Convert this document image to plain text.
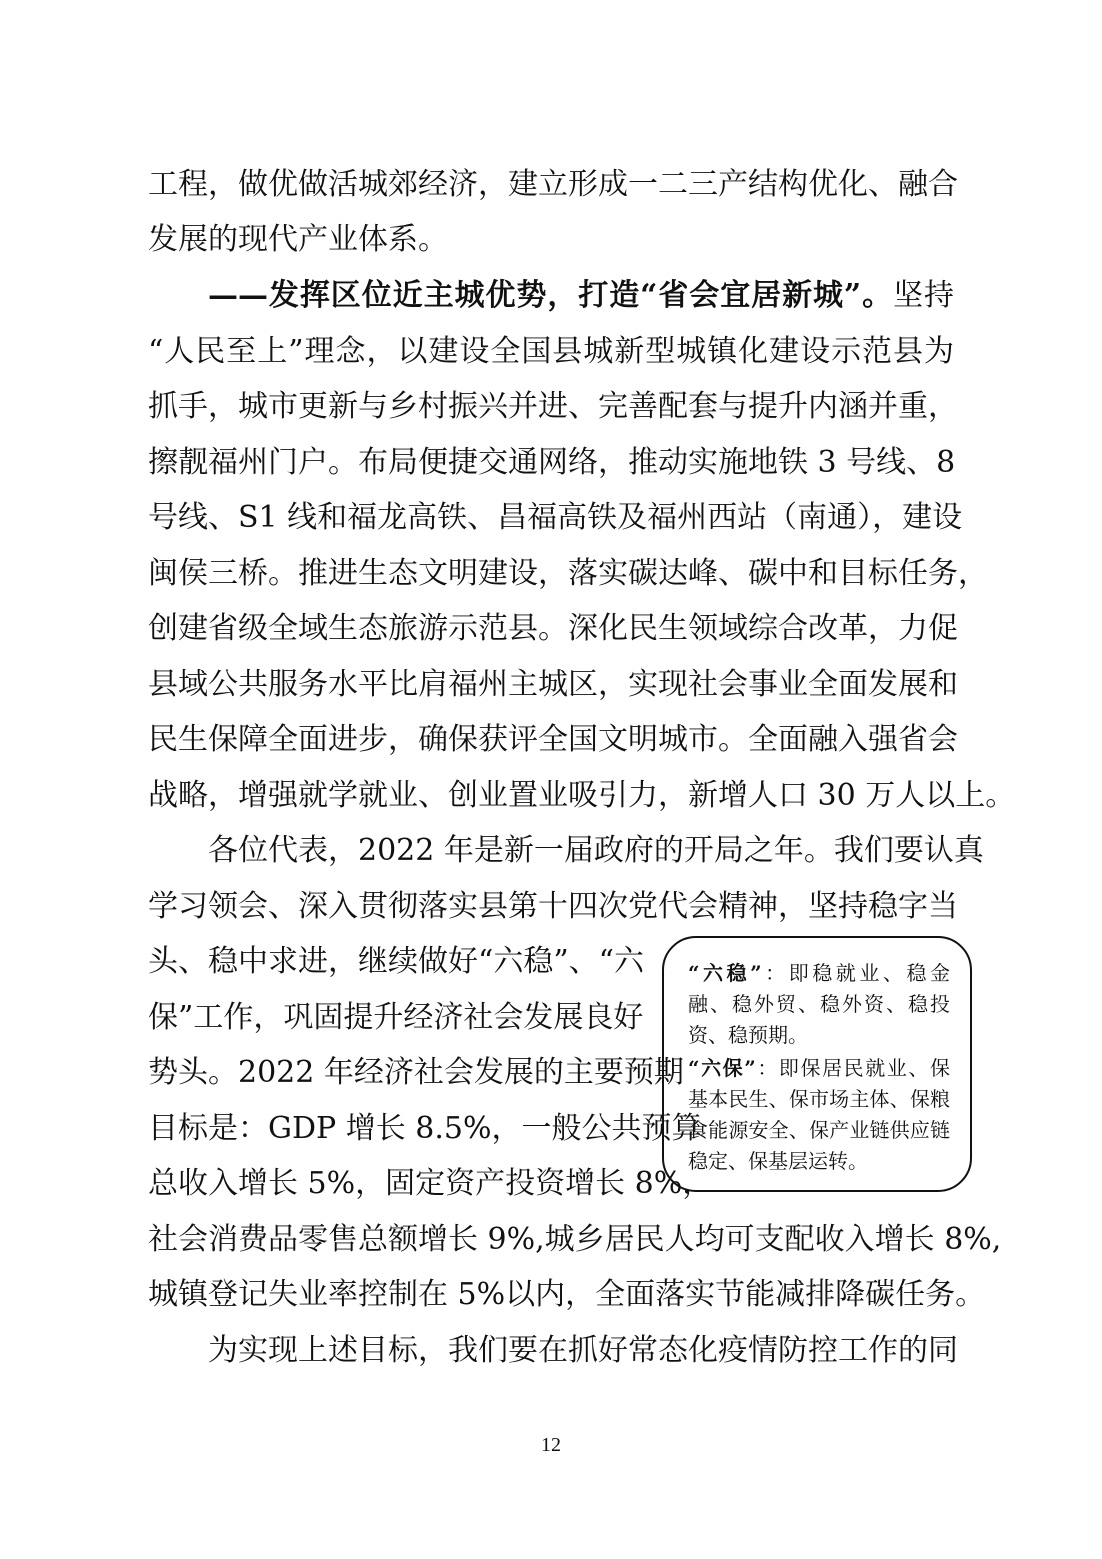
工程，做优做活城郊经济，建立形成一二三产结构优化、融合
发展的现代产业体系。
——发挥区位近主城优势，打造“省会宜居新城”。坚持
“人民至上”理念，以建设全国县城新型城镇化建设示范县为
抓手，城市更新与乡村振兴并进、完善配套与提升内涵并重，
擦靓福州门户。布局便捷交通网络，推动实施地铁 3 号线、8
号线、S1 线和福龙高铁、昌福高铁及福州西站（南通），建设
闽侯三桥。推进生态文明建设，落实碳达峰、碳中和目标任务，
创建省级全域生态旅游示范县。深化民生领域综合改革，力促
县域公共服务水平比肩福州主城区，实现社会事业全面发展和
民生保障全面进步，确保获评全国文明城市。全面融入强省会
战略，增强就学就业、创业置业吸引力，新增人口 30 万人以上。
各位代表，2022 年是新一届政府的开局之年。我们要认真
学习领会、深入贯彻落实县第十四次党代会精神，坚持稳字当
头、稳中求进，继续做好“六稳”、“六
保”工作，巩固提升经济社会发展良好
势头。2022 年经济社会发展的主要预期
目标是：GDP 增长 8.5%，一般公共预算
总收入增长 5%，固定资产投资增长 8%，
社会消费品零售总额增长 9%,城乡居民人均可支配收入增长 8%,
城镇登记失业率控制在 5%以内，全面落实节能减排降碳任务。
为实现上述目标，我们要在抓好常态化疫情防控工作的同

“六稳”：即稳就业、稳金融、稳外贸、稳外资、稳投资、稳预期。

“六保”：即保居民就业、保基本民生、保市场主体、保粮食能源安全、保产业链供应链稳定、保基层运转。

12
